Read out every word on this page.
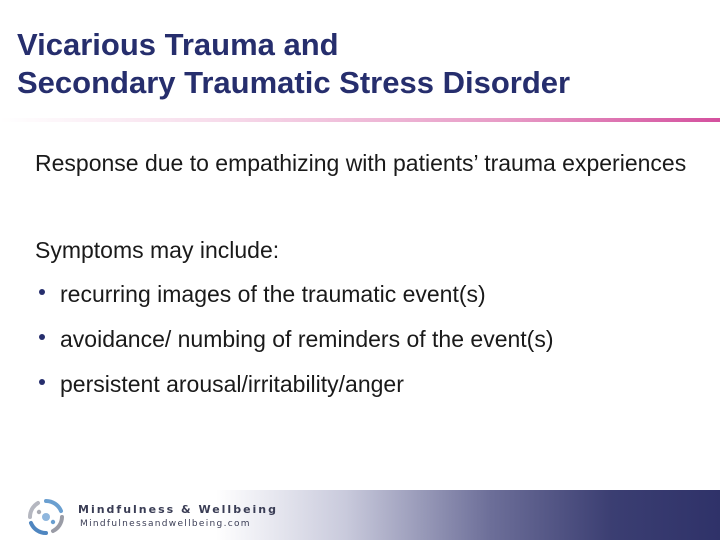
Vicarious Trauma and
Secondary Traumatic Stress Disorder

Response due to empathizing with patients’ trauma experiences

Symptoms may include:

recurring images of the traumatic event(s)
avoidance/ numbing of reminders of the event(s)
persistent arousal/irritability/anger
Mindfulness & Wellbeing
Mindfulnessandwellbeing.com
